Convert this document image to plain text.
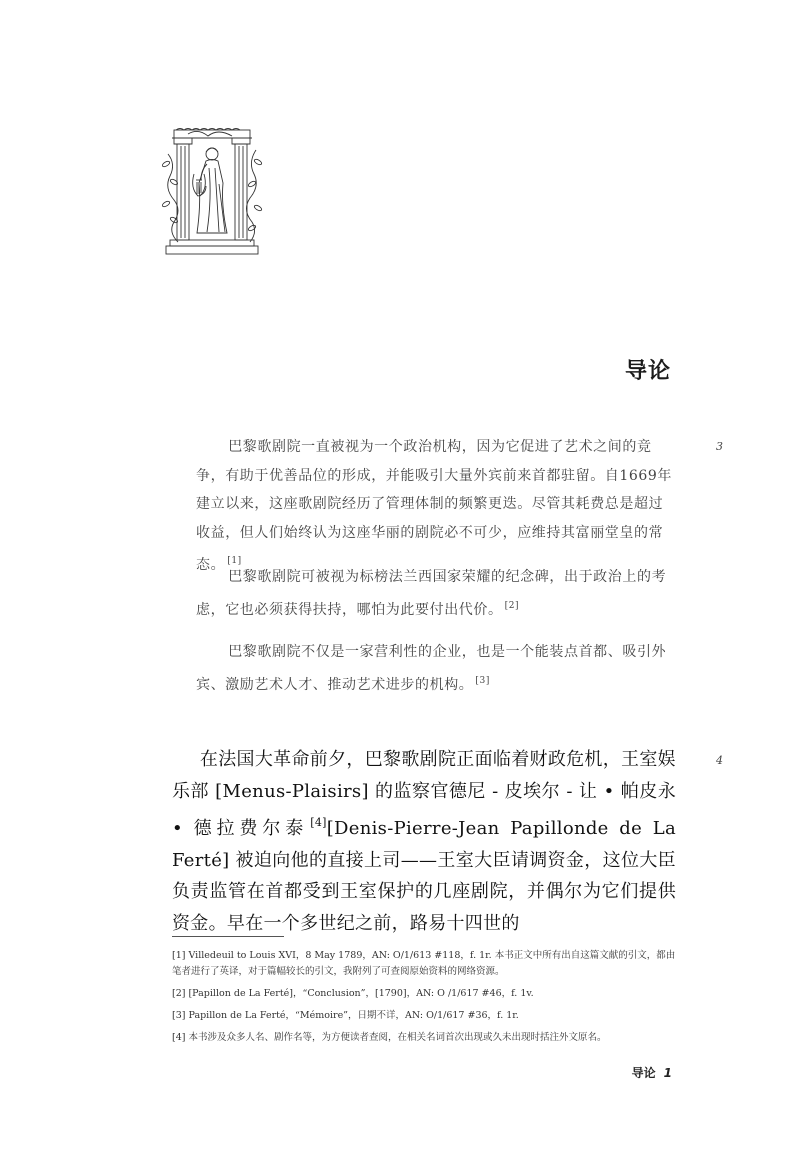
导论

巴黎歌剧院一直被视为一个政治机构，因为它促进了艺术之间的竞争，有助于优善品位的形成，并能吸引大量外宾前来首都驻留。自1669年建立以来，这座歌剧院经历了管理体制的频繁更迭。尽管其耗费总是超过收益，但人们始终认为这座华丽的剧院必不可少，应维持其富丽堂皇的常态。 [1]

巴黎歌剧院可被视为标榜法兰西国家荣耀的纪念碑，出于政治上的考虑，它也必须获得扶持，哪怕为此要付出代价。 [2]

巴黎歌剧院不仅是一家营利性的企业，也是一个能装点首都、吸引外宾、激励艺术人才、推动艺术进步的机构。 [3]

3
4

在法国大革命前夕，巴黎歌剧院正面临着财政危机，王室娱乐部 [Menus-Plaisirs] 的监察官德尼 - 皮埃尔 - 让 • 帕皮永 • 德拉费尔泰 [4][Denis-Pierre-Jean Papillonde de La Ferté] 被迫向他的直接上司——王室大臣请调资金，这位大臣负责监管在首都受到王室保护的几座剧院，并偶尔为它们提供资金。早在一个多世纪之前，路易十四世的

[1] Villedeuil to Louis XVI，8 May 1789，AN: O/1/613 #118，f. 1r. 本书正文中所有出自这篇文献的引文，都由笔者进行了英译，对于篇幅较长的引文，我附列了可查阅原始资料的网络资源。

[2] [Papillon de La Ferté]，“Conclusion”，[1790]，AN: O /1/617 #46，f. 1v.

[3] Papillon de La Ferté，“Mémoire”，日期不详，AN: O/1/617 #36，f. 1r.

[4] 本书涉及众多人名、剧作名等，为方便读者查阅，在相关名词首次出现或久未出现时括注外文原名。

导论 1
